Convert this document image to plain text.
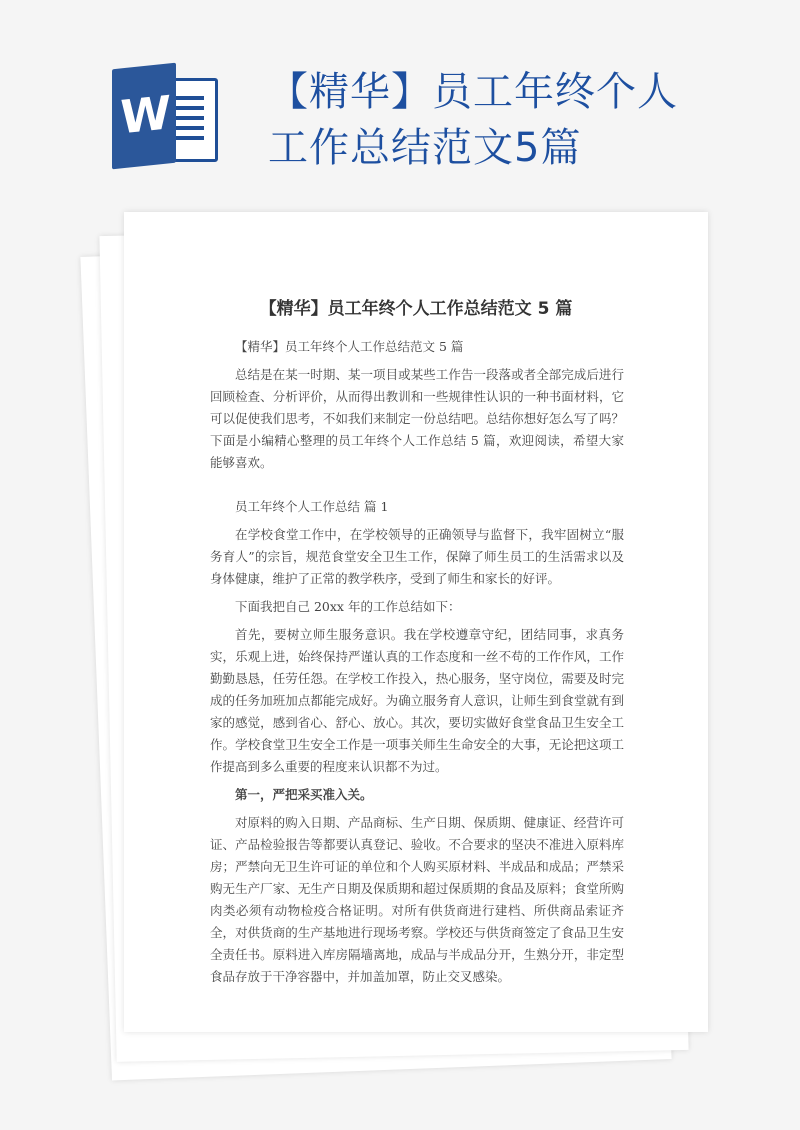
W 【精华】员工年终个人工作总结范文5篇
【精华】员工年终个人工作总结范文 5 篇

【精华】员工年终个人工作总结范文 5 篇

总结是在某一时期、某一项目或某些工作告一段落或者全部完成后进行回顾检查、分析评价，从而得出教训和一些规律性认识的一种书面材料，它可以促使我们思考，不如我们来制定一份总结吧。总结你想好怎么写了吗？下面是小编精心整理的员工年终个人工作总结 5 篇，欢迎阅读，希望大家能够喜欢。

员工年终个人工作总结 篇 1

在学校食堂工作中，在学校领导的正确领导与监督下，我牢固树立“服务育人”的宗旨，规范食堂安全卫生工作，保障了师生员工的生活需求以及身体健康，维护了正常的教学秩序，受到了师生和家长的好评。

下面我把自己 20xx 年的工作总结如下：

首先，要树立师生服务意识。我在学校遵章守纪，团结同事，求真务实，乐观上进，始终保持严谨认真的工作态度和一丝不苟的工作作风，工作勤勤恳恳，任劳任怨。在学校工作投入，热心服务，坚守岗位，需要及时完成的任务加班加点都能完成好。为确立服务育人意识，让师生到食堂就有到家的感觉，感到省心、舒心、放心。其次，要切实做好食堂食品卫生安全工作。学校食堂卫生安全工作是一项事关师生生命安全的大事，无论把这项工作提高到多么重要的程度来认识都不为过。

第一，严把采买准入关。

对原料的购入日期、产品商标、生产日期、保质期、健康证、经营许可证、产品检验报告等都要认真登记、验收。不合要求的坚决不准进入原料库房；严禁向无卫生许可证的单位和个人购买原材料、半成品和成品；严禁采购无生产厂家、无生产日期及保质期和超过保质期的食品及原料；食堂所购肉类必须有动物检疫合格证明。对所有供货商进行建档、所供商品索证齐全，对供货商的生产基地进行现场考察。学校还与供货商签定了食品卫生安全责任书。原料进入库房隔墙离地，成品与半成品分开，生熟分开，非定型食品存放于干净容器中，并加盖加罩，防止交叉感染。
